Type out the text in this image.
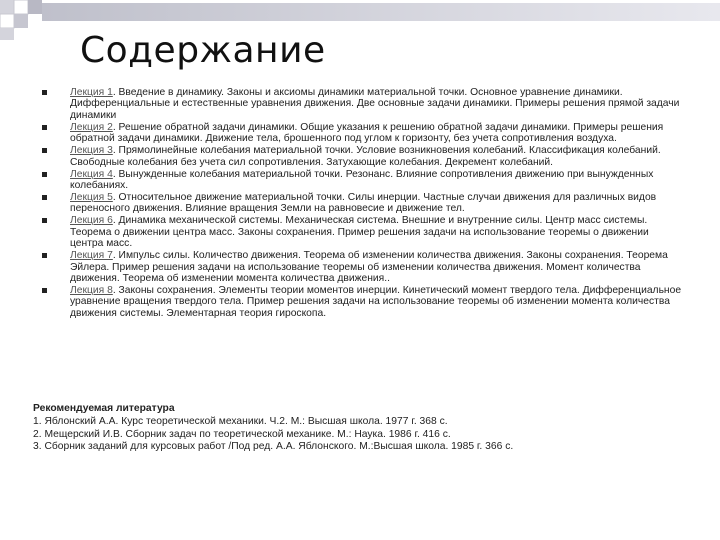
Содержание
Лекция 1. Введение в динамику. Законы и аксиомы динамики материальной точки. Основное уравнение динамики. Дифференциальные и естественные уравнения движения. Две основные задачи динамики. Примеры решения прямой задачи динамики
Лекция 2. Решение обратной задачи динамики. Общие указания к решению обратной задачи динамики. Примеры решения обратной задачи динамики. Движение тела, брошенного под углом к горизонту, без учета сопротивления воздуха.
Лекция 3. Прямолинейные колебания материальной точки. Условие возникновения колебаний. Классификация колебаний. Свободные колебания без учета сил сопротивления. Затухающие колебания. Декремент колебаний.
Лекция 4. Вынужденные колебания материальной точки. Резонанс. Влияние сопротивления движению при вынужденных колебаниях.
Лекция 5. Относительное движение материальной точки. Силы инерции. Частные случаи движения для различных видов переносного движения. Влияние вращения Земли на равновесие и движение тел.
Лекция 6. Динамика механической системы. Механическая система. Внешние и внутренние силы. Центр масс системы. Теорема о движении центра масс. Законы сохранения. Пример решения задачи на использование теоремы о движении центра масс.
Лекция 7. Импульс силы. Количество движения. Теорема об изменении количества движения. Законы сохранения. Теорема Эйлера. Пример решения задачи на использование теоремы об изменении количества движения. Момент количества движения. Теорема об изменении момента количества движения..
Лекция 8. Законы сохранения. Элементы теории моментов инерции. Кинетический момент твердого тела. Дифференциальное уравнение вращения твердого тела. Пример решения задачи на использование теоремы об изменении момента количества движения системы. Элементарная теория гироскопа.
Рекомендуемая литература
1. Яблонский А.А. Курс теоретической механики. Ч.2. М.: Высшая школа. 1977 г. 368 с.
2. Мещерский И.В. Сборник задач по теоретической механике. М.: Наука. 1986 г. 416 с.
3. Сборник заданий для курсовых работ /Под ред. А.А. Яблонского. М.:Высшая школа. 1985 г. 366 с.
